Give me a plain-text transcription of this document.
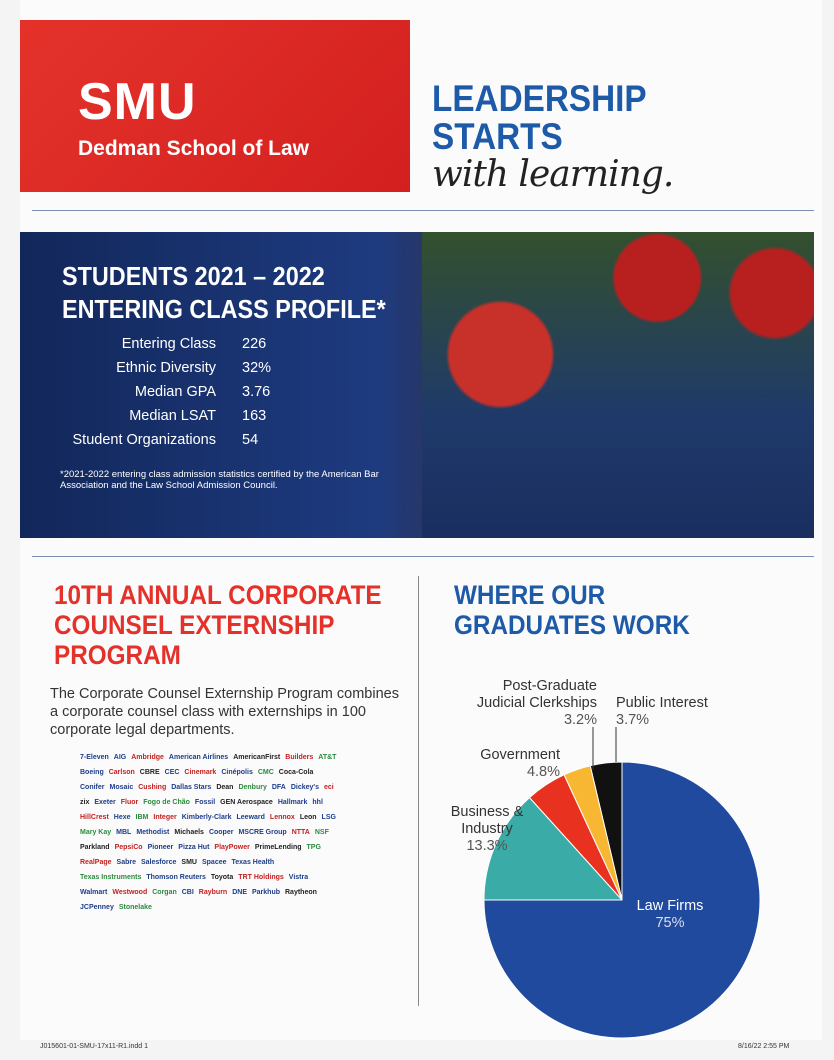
SMU
Dedman School of Law
LEADERSHIP
STARTS
with learning.
STUDENTS 2021 – 2022
ENTERING CLASS PROFILE*
Entering Class 226
Ethnic Diversity 32%
Median GPA 3.76
Median LSAT 163
Student Organizations 54
*2021-2022 entering class admission statistics certified by the American Bar Association and the Law School Admission Council.
10TH ANNUAL CORPORATE COUNSEL EXTERNSHIP PROGRAM
The Corporate Counsel Externship Program combines a corporate counsel class with externships in 100 corporate legal departments.
7-Eleven AIG Ambridge American Airlines AmericanFirst Builders AT&T
Boeing Carlson CBRE CEC Cinemark Cinépolis CMC Coca-Cola
Conifer Mosaic Cushing Dallas Stars Dean Denbury DFA Dickey's eci
zix Exeter Fluor Fogo de Chão Fossil GEN Aerospace Hallmark hhl
HillCrest Hexe IBM Integer Kimberly-Clark Leeward Lennox Leon LSG
Mary Kay MBL Methodist Michaels Cooper MSCRE Group NTTA NSF
Parkland PepsiCo Pioneer Pizza Hut PlayPower PrimeLending TPG
RealPage Sabre Salesforce SMU Spacee Texas Health
Texas Instruments Thomson Reuters Toyota TRT Holdings Vistra
Walmart Westwood Corgan CBI Rayburn DNE Parkhub Raytheon
JCPenney Stonelake
WHERE OUR GRADUATES WORK
Post-Graduate Judicial Clerkships
3.2%
Public Interest
3.7%
Government
4.8%
Business & Industry
13.3%
Law Firms
75%
J015601-01-SMU-17x11-R1.indd 1	8/16/22 2:55 PM
